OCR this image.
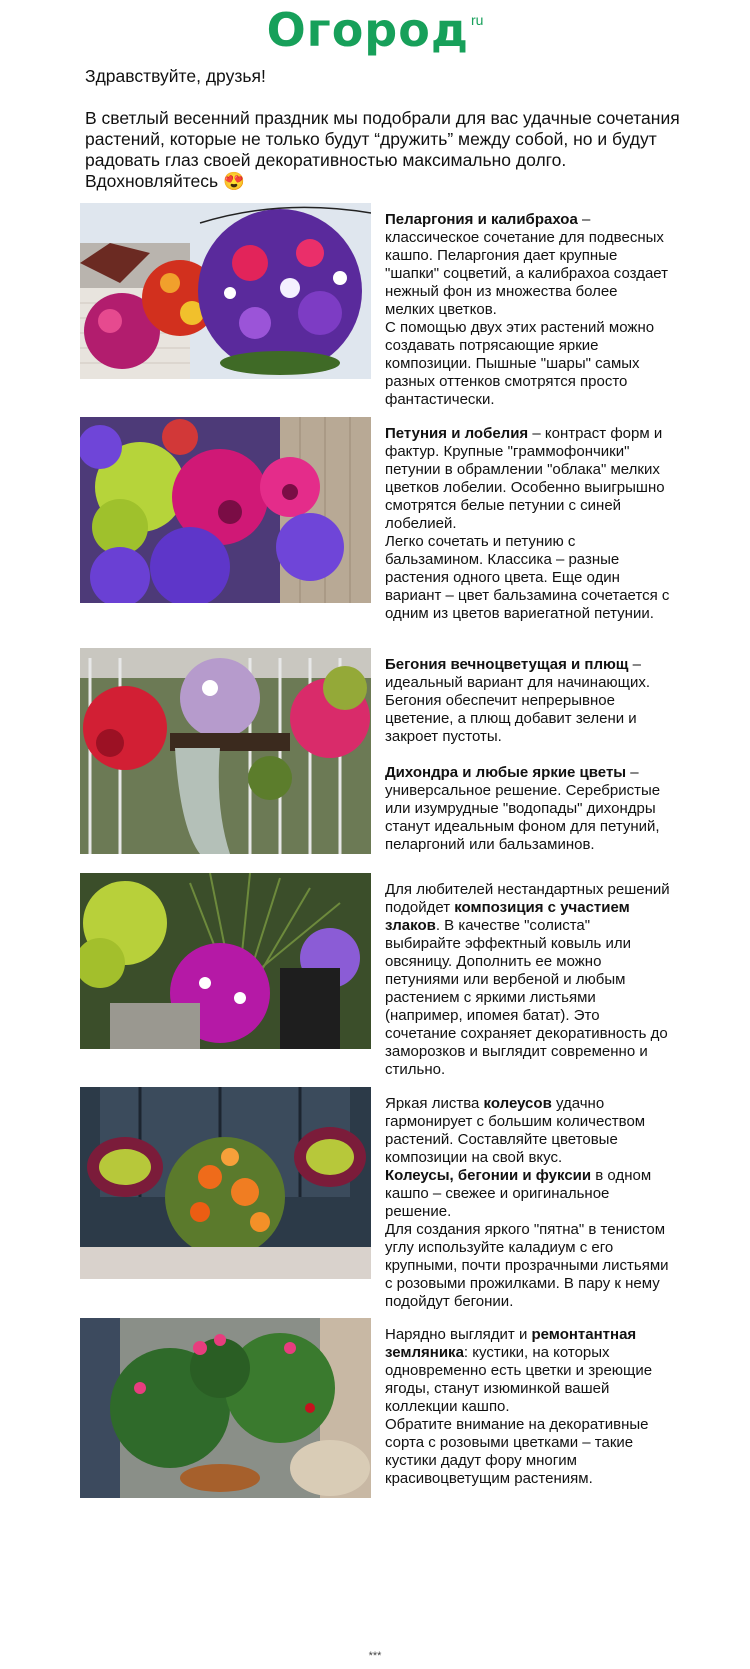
Огород ru

Здравствуйте, друзья!

В светлый весенний праздник мы подобрали для вас удачные сочетания растений, которые не только будут “дружить” между собой, но и будут радовать глаз своей декоративностью максимально долго.

Вдохновляйтесь 😍

Пеларгония и калибрахоа – классическое сочетание для подвесных кашпо. Пеларгония дает крупные "шапки" соцветий, а калибрахоа создает нежный фон из множества более мелких цветков.

С помощью двух этих растений можно создавать потрясающие яркие композиции. Пышные "шары" самых разных оттенков смотрятся просто фантастически.

Петуния и лобелия – контраст форм и фактур. Крупные "граммофончики" петунии в обрамлении "облака" мелких цветков лобелии. Особенно выигрышно смотрятся белые петунии с синей лобелией.

Легко сочетать и петунию с бальзамином. Классика – разные растения одного цвета. Еще один вариант – цвет бальзамина сочетается с одним из цветов вариегатной петунии.

Бегония вечноцветущая и плющ – идеальный вариант для начинающих. Бегония обеспечит непрерывное цветение, а плющ добавит зелени и закроет пустоты.

Дихондра и любые яркие цветы – универсальное решение. Серебристые или изумрудные "водопады" дихондры станут идеальным фоном для петуний, пеларгоний или бальзаминов.

Для любителей нестандартных решений подойдет композиция с участием злаков. В качестве "солиста" выбирайте эффектный ковыль или овсяницу. Дополнить ее можно петуниями или вербеной и любым растением с яркими листьями (например, ипомея батат). Это сочетание сохраняет декоративность до заморозков и выглядит современно и стильно.

Яркая листва колеусов удачно гармонирует с большим количеством растений. Составляйте цветовые композиции на свой вкус.

Колеусы, бегонии и фуксии в одном кашпо – свежее и оригинальное решение.

Для создания яркого "пятна" в тенистом углу используйте каладиум с его крупными, почти прозрачными листьями с розовыми прожилками. В пару к нему подойдут бегонии.

Нарядно выглядит и ремонтантная земляника: кустики, на которых одновременно есть цветки и зреющие ягоды, станут изюминкой вашей коллекции кашпо.

Обратите внимание на декоративные сорта с розовыми цветками – такие кустики дадут фору многим красивоцветущим растениям.

***
